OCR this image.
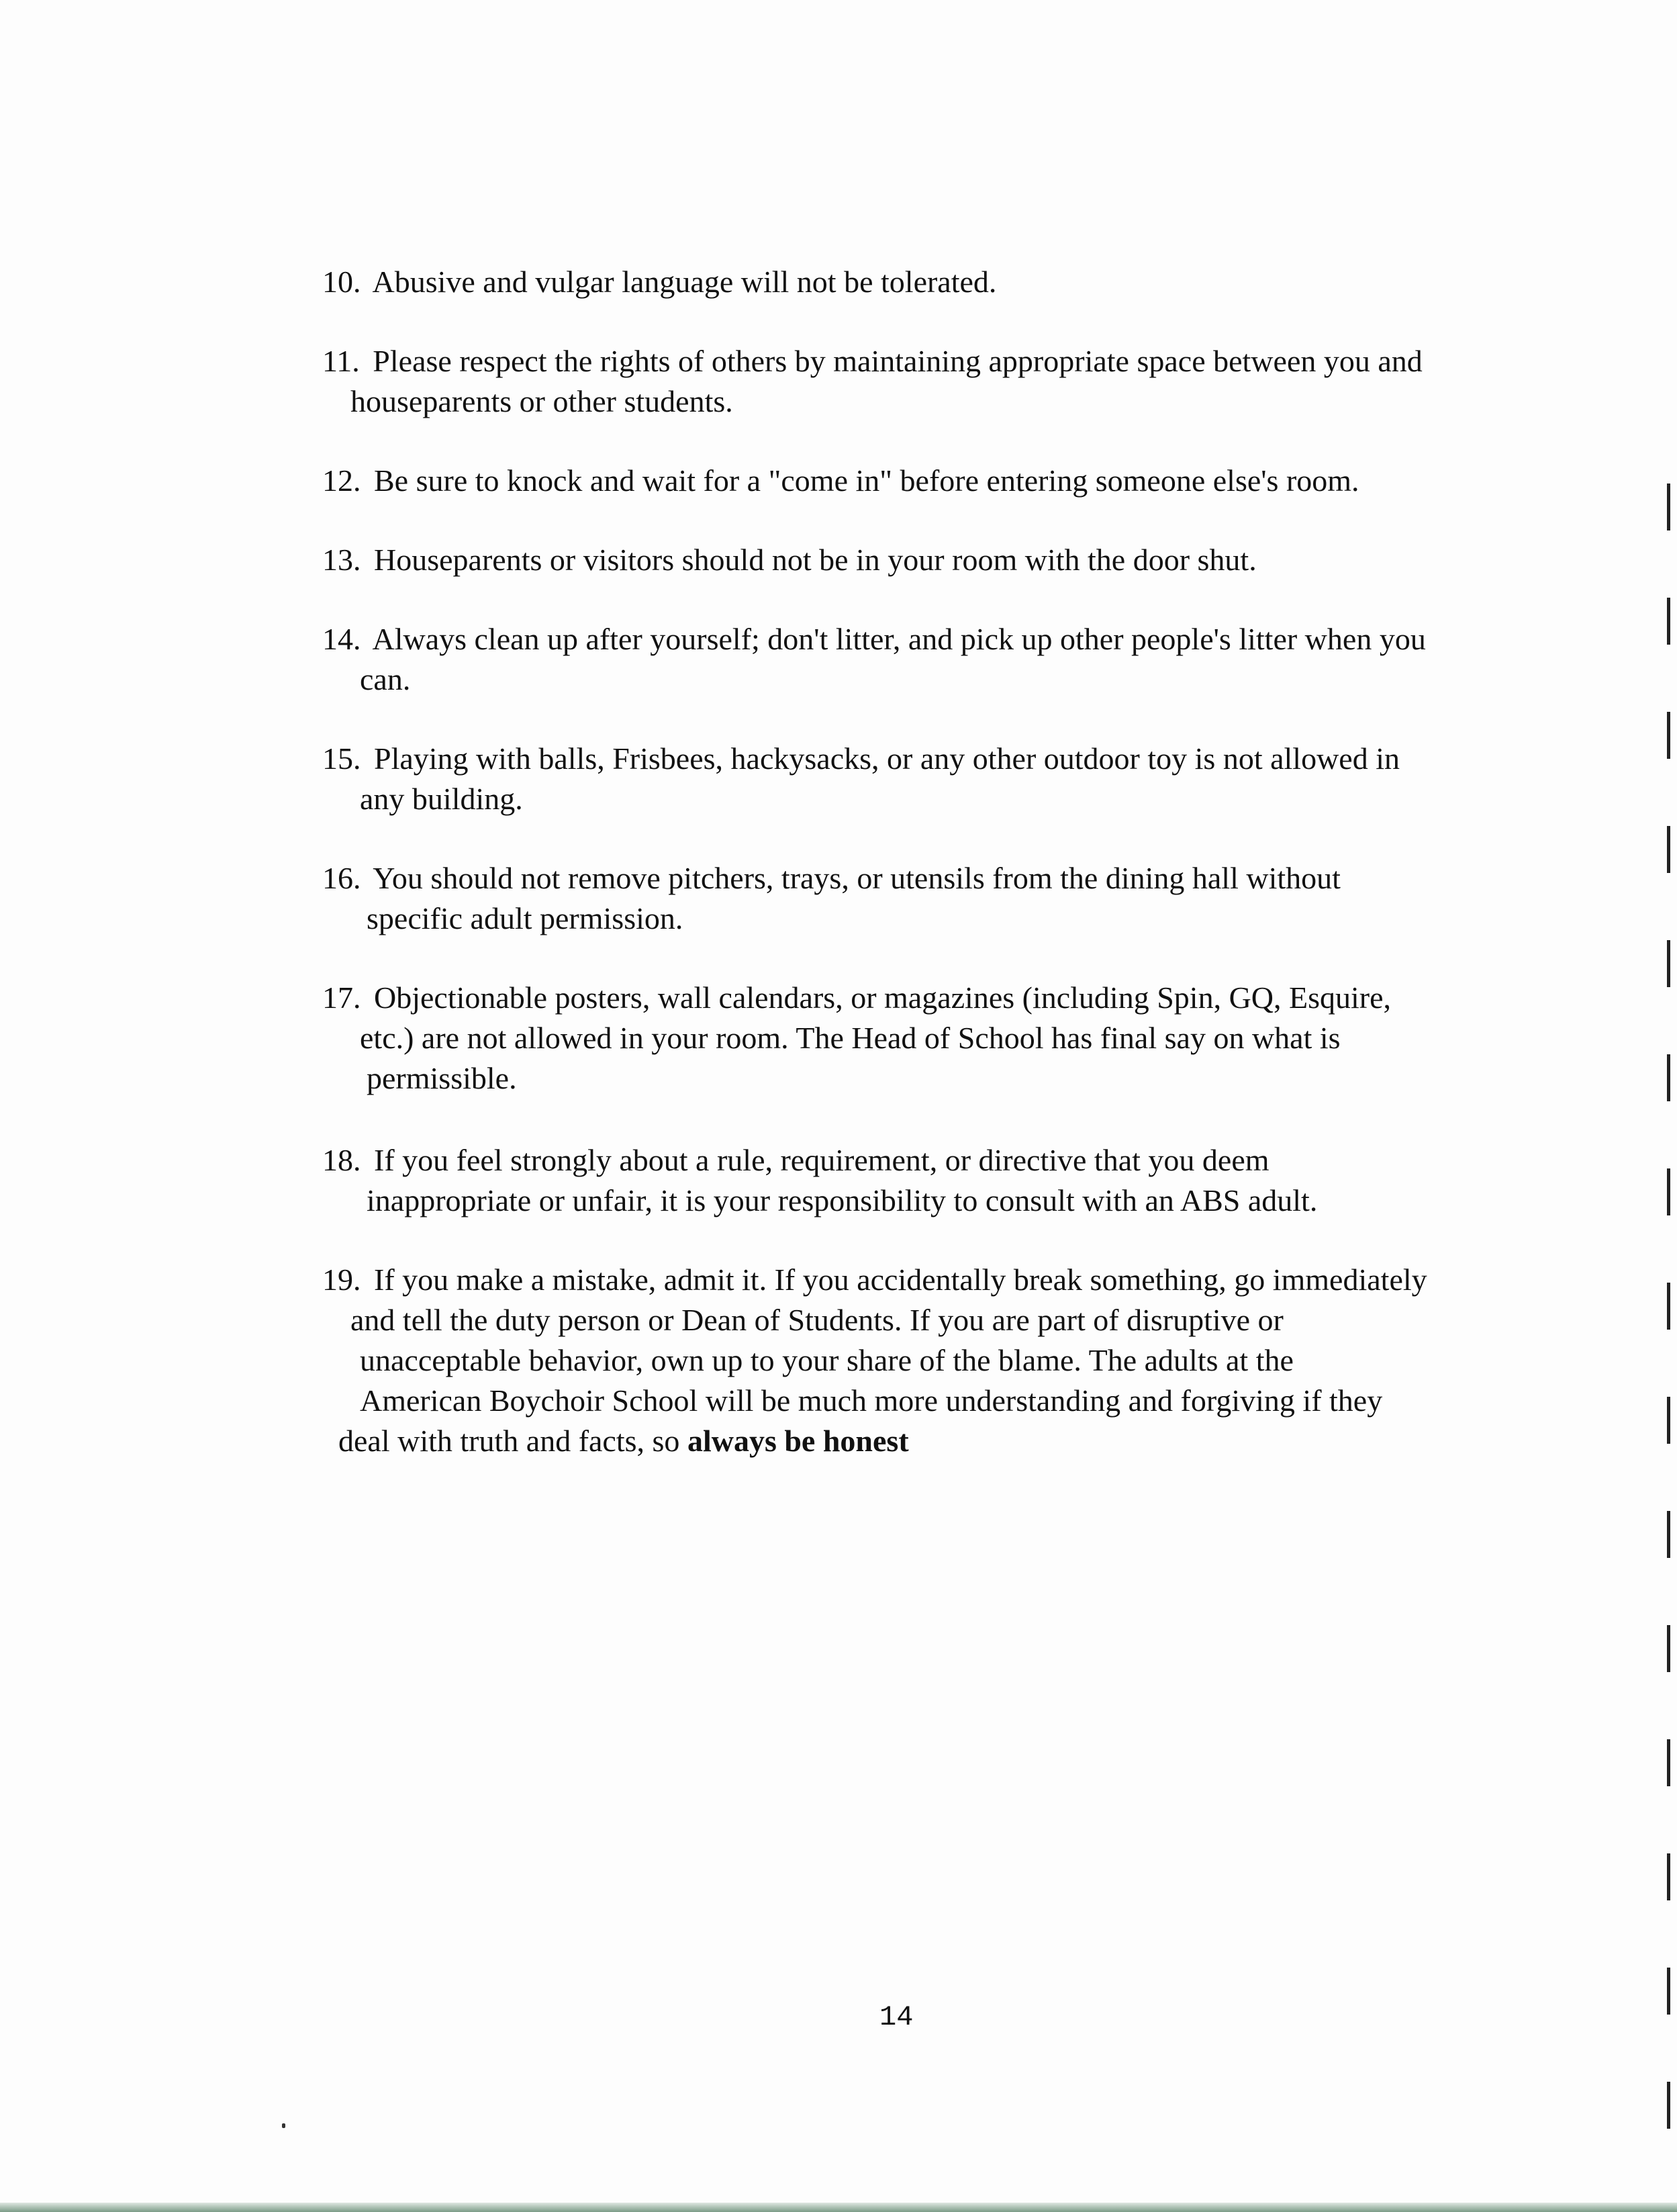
10. Abusive and vulgar language will not be tolerated.
11. Please respect the rights of others by maintaining appropriate space between you and
houseparents or other students.
12. Be sure to knock and wait for a "come in" before entering someone else's room.
13. Houseparents or visitors should not be in your room with the door shut.
14. Always clean up after yourself; don't litter, and pick up other people's litter when you
can.
15. Playing with balls, Frisbees, hackysacks, or any other outdoor toy is not allowed in
any building.
16. You should not remove pitchers, trays, or utensils from the dining hall without
specific adult permission.
17. Objectionable posters, wall calendars, or magazines (including Spin, GQ, Esquire,
etc.) are not allowed in your room. The Head of School has final say on what is
permissible.
18. If you feel strongly about a rule, requirement, or directive that you deem
inappropriate or unfair, it is your responsibility to consult with an ABS adult.
19. If you make a mistake, admit it. If you accidentally break something, go immediately
and tell the duty person or Dean of Students. If you are part of disruptive or
unacceptable behavior, own up to your share of the blame. The adults at the
American Boychoir School will be much more understanding and forgiving if they
deal with truth and facts, so always be honest
14
